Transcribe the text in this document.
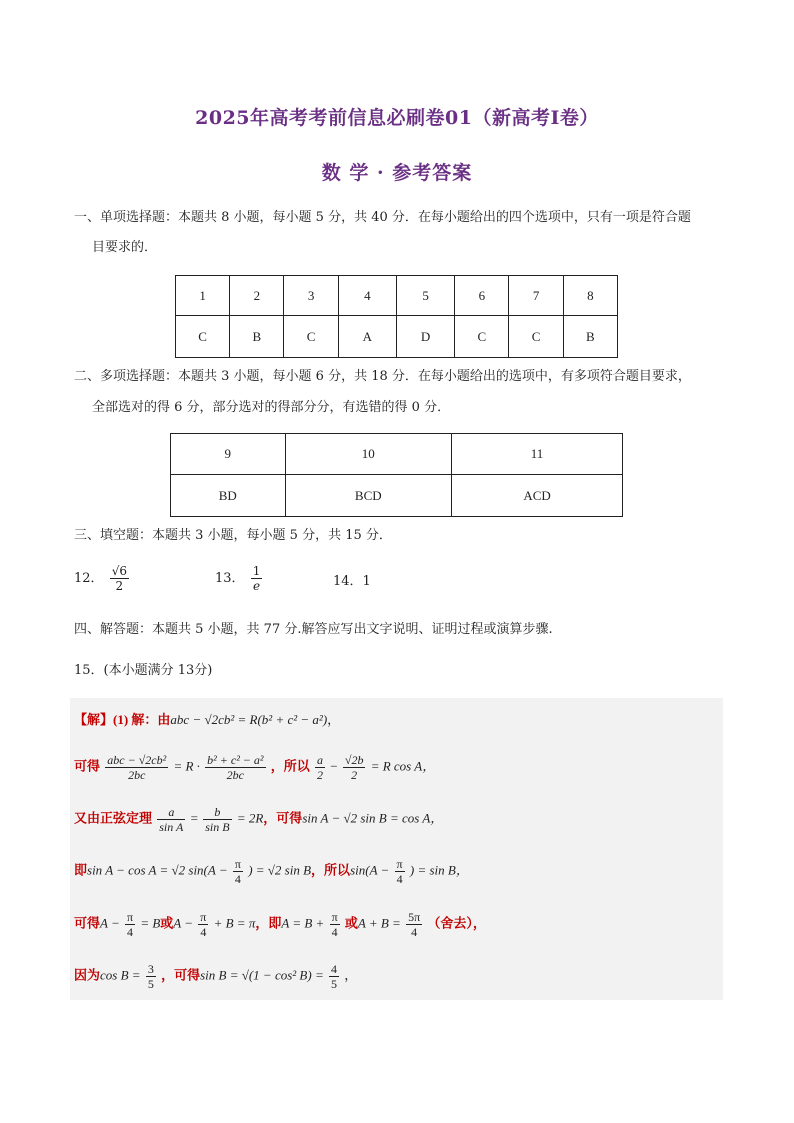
2025年高考考前信息必刷卷01（新高考Ⅰ卷）
数 学 · 参考答案
一、单项选择题：本题共 8 小题，每小题 5 分，共 40 分．在每小题给出的四个选项中，只有一项是符合题
目要求的．
1	2	3	4	5	6	7	8
C	B	C	A	D	C	C	B
二、多项选择题：本题共 3 小题，每小题 6 分，共 18 分．在每小题给出的选项中，有多项符合题目要求，
全部选对的得 6 分，部分选对的得部分分，有选错的得 0 分．
9	10	11
BD	BCD	ACD
三、填空题：本题共 3 小题，每小题 5 分，共 15 分．
12． $\frac{√6}{2}$	13． $\frac{1}{e}$	14．1
四、解答题：本题共 5 小题，共 77 分.解答应写出文字说明、证明过程或演算步骤.
15．(本小题满分 13分)
【解】(1) 解：由abc − √2cb² = R(b² + c² − a²)，
可得 $\frac{\text{abc − √2cb²}}{2bc} = R \cdot \frac{\text{b² + c² − a²}}{2bc}$ ，所以 $\frac{a}{2} - \frac{√2b}{2} = R$ cos A，
又由正弦定理 $\frac{a}{\text{sin A}} = \frac{b}{\text{sin B}} = 2R$，可得sin A − √2 sin B = cos A，
即sin A − cos A = √2 $\sin(A - \frac{\pi}{4}$ ) = √2 sin B，所以$\sin(A - \frac{\pi}{4}$ ) = sin B，
可得$A - \frac{\pi}{4} = B$或$A - \frac{\pi}{4} + B = \pi$，即$A = B + \frac{\pi}{4}$ 或$A + B = \frac{5\pi}{4}$ （舍去），
因为$\cos B = \frac{3}{5}$ ，可得sin B = √(1 − cos² $B) = \frac{4}{5}$ ，
